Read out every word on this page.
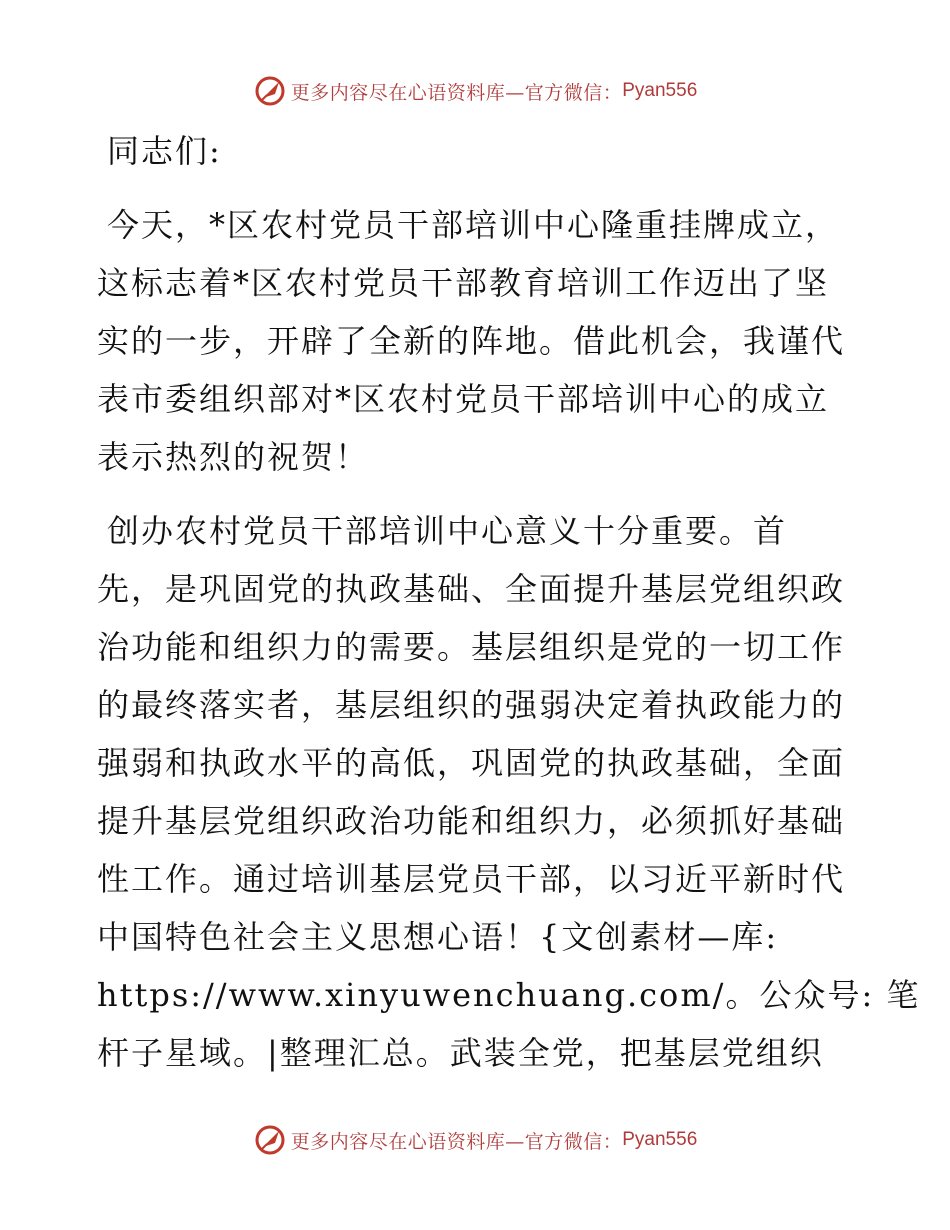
更多内容尽在心语资料库—官方微信： Pyan556
同志们:
今天，*区农村党员干部培训中心隆重挂牌成立，
这标志着*区农村党员干部教育培训工作迈出了坚
实的一步，开辟了全新的阵地。借此机会，我谨代
表市委组织部对*区农村党员干部培训中心的成立
表示热烈的祝贺！
创办农村党员干部培训中心意义十分重要。首
先，是巩固党的执政基础、全面提升基层党组织政
治功能和组织力的需要。基层组织是党的一切工作
的最终落实者，基层组织的强弱决定着执政能力的
强弱和执政水平的高低，巩固党的执政基础，全面
提升基层党组织政治功能和组织力，必须抓好基础
性工作。通过培训基层党员干部，以习近平新时代
中国特色社会主义思想心语！{文创素材—库:
https://www.xinyuwenchuang.com/。公众号: 笔
杆子星域。|整理汇总。武装全党，把基层党组织
更多内容尽在心语资料库—官方微信： Pyan556
